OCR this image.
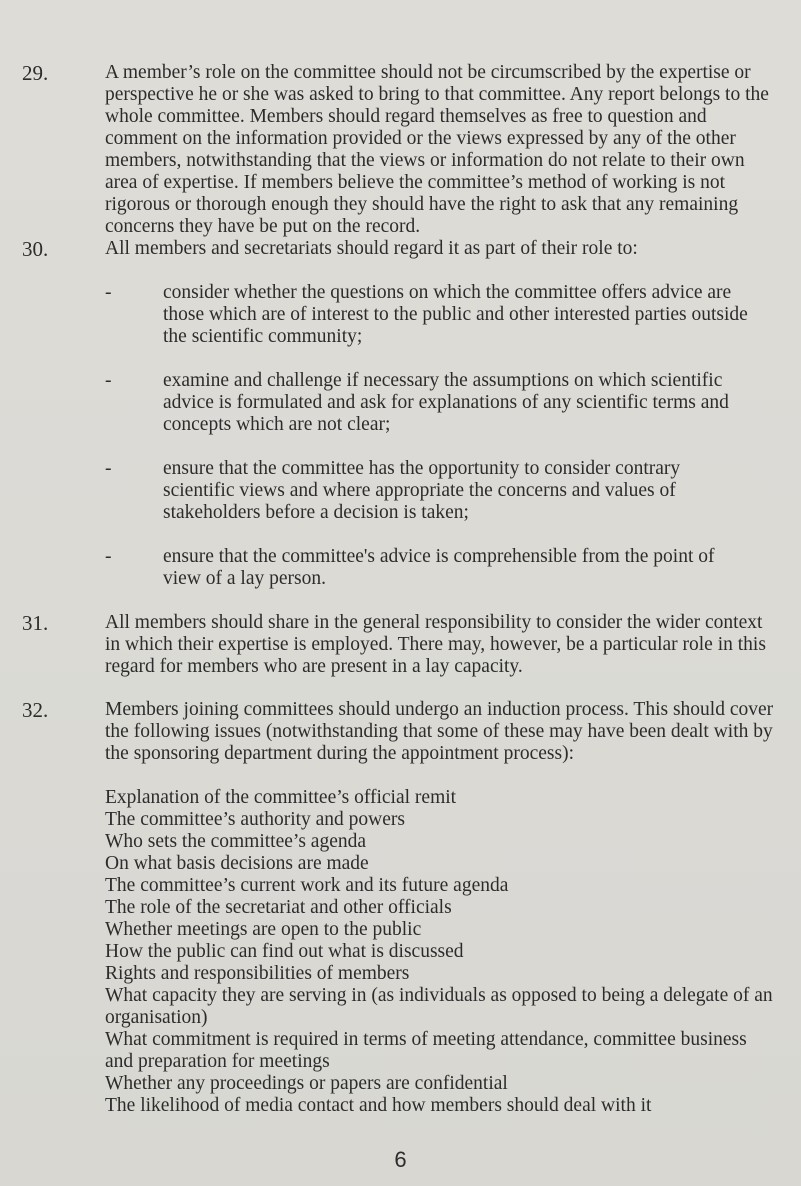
29.	A member’s role on the committee should not be circumscribed by the expertise or perspective he or she was asked to bring to that committee. Any report belongs to the whole committee. Members should regard themselves as free to question and comment on the information provided or the views expressed by any of the other members, notwithstanding that the views or information do not relate to their own area of expertise. If members believe the committee’s method of working is not rigorous or thorough enough they should have the right to ask that any remaining concerns they have be put on the record.
30.	All members and secretariats should regard it as part of their role to:
-	consider whether the questions on which the committee offers advice are those which are of interest to the public and other interested parties outside the scientific community;
-	examine and challenge if necessary the assumptions on which scientific advice is formulated and ask for explanations of any scientific terms and concepts which are not clear;
-	ensure that the committee has the opportunity to consider contrary scientific views and where appropriate the concerns and values of stakeholders before a decision is taken;
-	ensure that the committee's advice is comprehensible from the point of view of a lay person.
31.	All members should share in the general responsibility to consider the wider context in which their expertise is employed. There may, however, be a particular role in this regard for members who are present in a lay capacity.
32.	Members joining committees should undergo an induction process. This should cover the following issues (notwithstanding that some of these may have been dealt with by the sponsoring department during the appointment process):
Explanation of the committee’s official remit
The committee’s authority and powers
Who sets the committee’s agenda
On what basis decisions are made
The committee’s current work and its future agenda
The role of the secretariat and other officials
Whether meetings are open to the public
How the public can find out what is discussed
Rights and responsibilities of members
What capacity they are serving in (as individuals as opposed to being a delegate of an organisation)
What commitment is required in terms of meeting attendance, committee business and preparation for meetings
Whether any proceedings or papers are confidential
The likelihood of media contact and how members should deal with it
6
